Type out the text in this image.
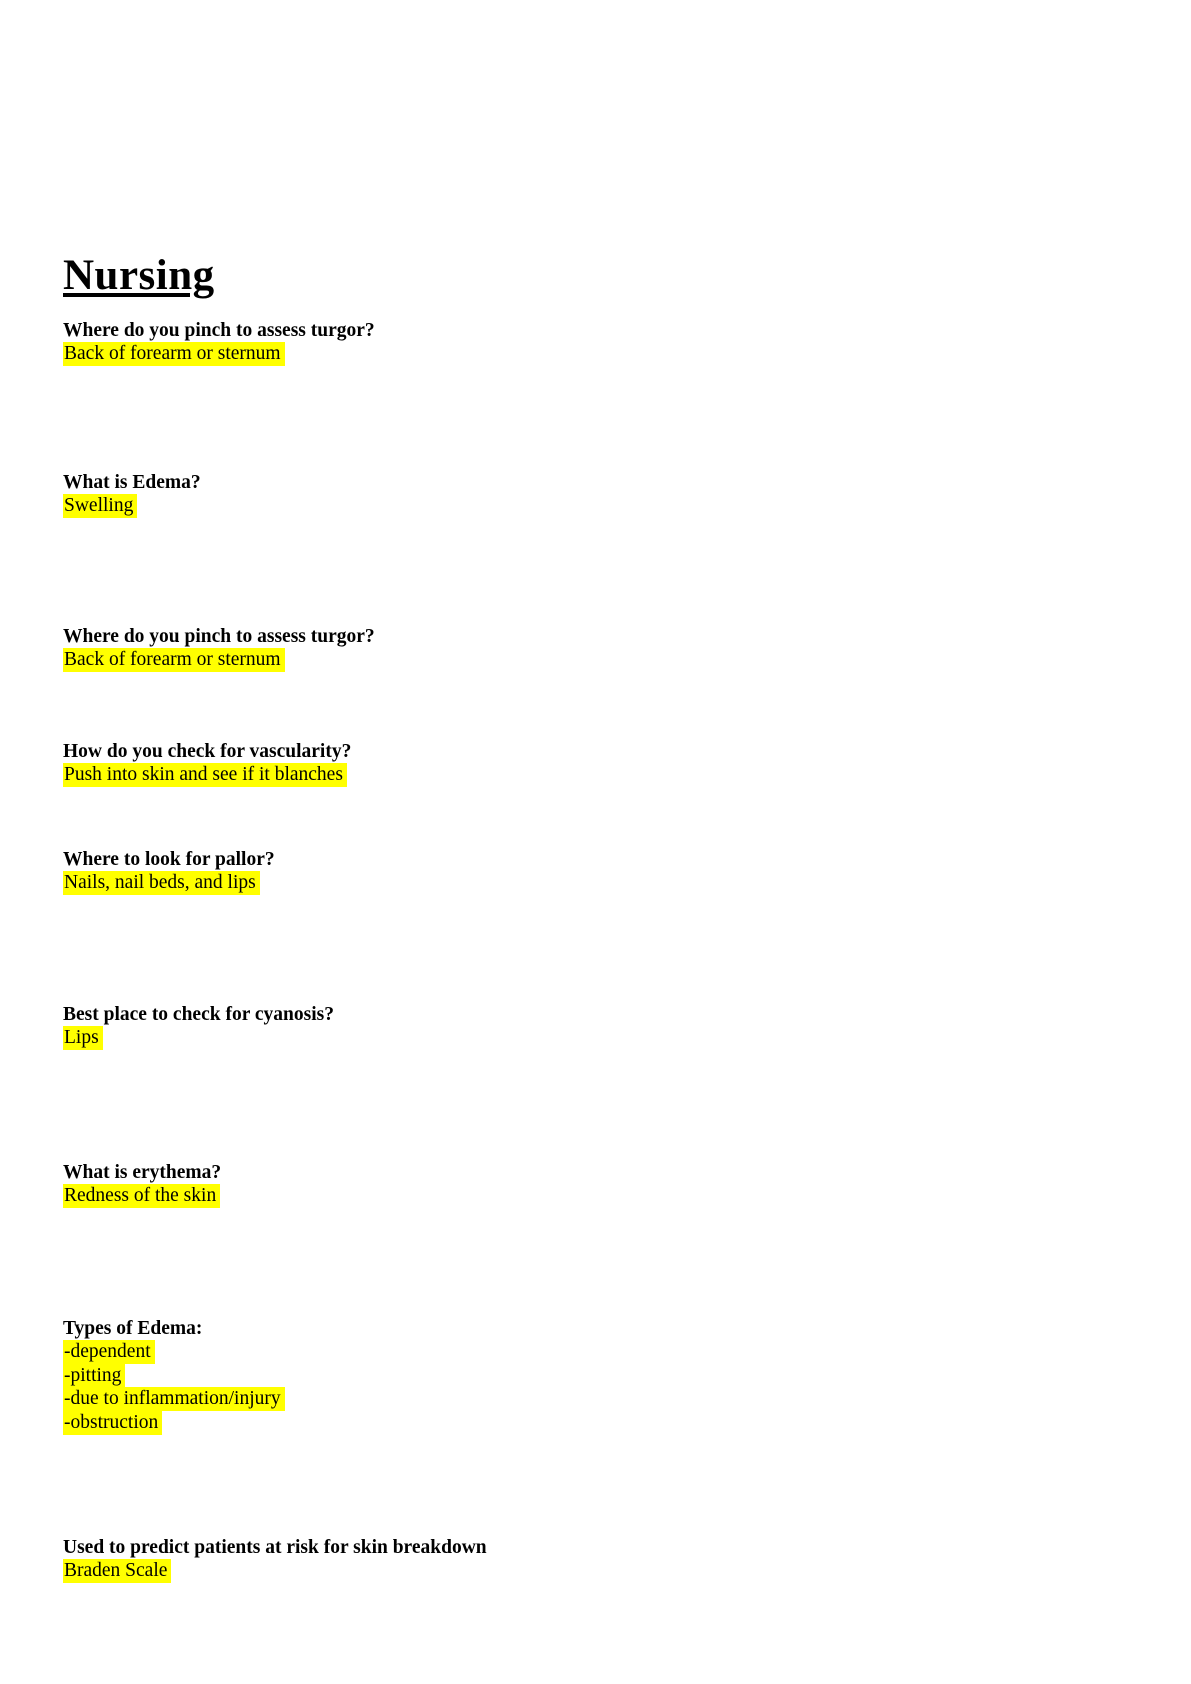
Nursing
Where do you pinch to assess turgor?
Back of forearm or sternum
What is Edema?
Swelling
Where do you pinch to assess turgor?
Back of forearm or sternum
How do you check for vascularity?
Push into skin and see if it blanches
Where to look for pallor?
Nails, nail beds, and lips
Best place to check for cyanosis?
Lips
What is erythema?
Redness of the skin
Types of Edema:
-dependent
-pitting
-due to inflammation/injury
-obstruction
Used to predict patients at risk for skin breakdown
Braden Scale
